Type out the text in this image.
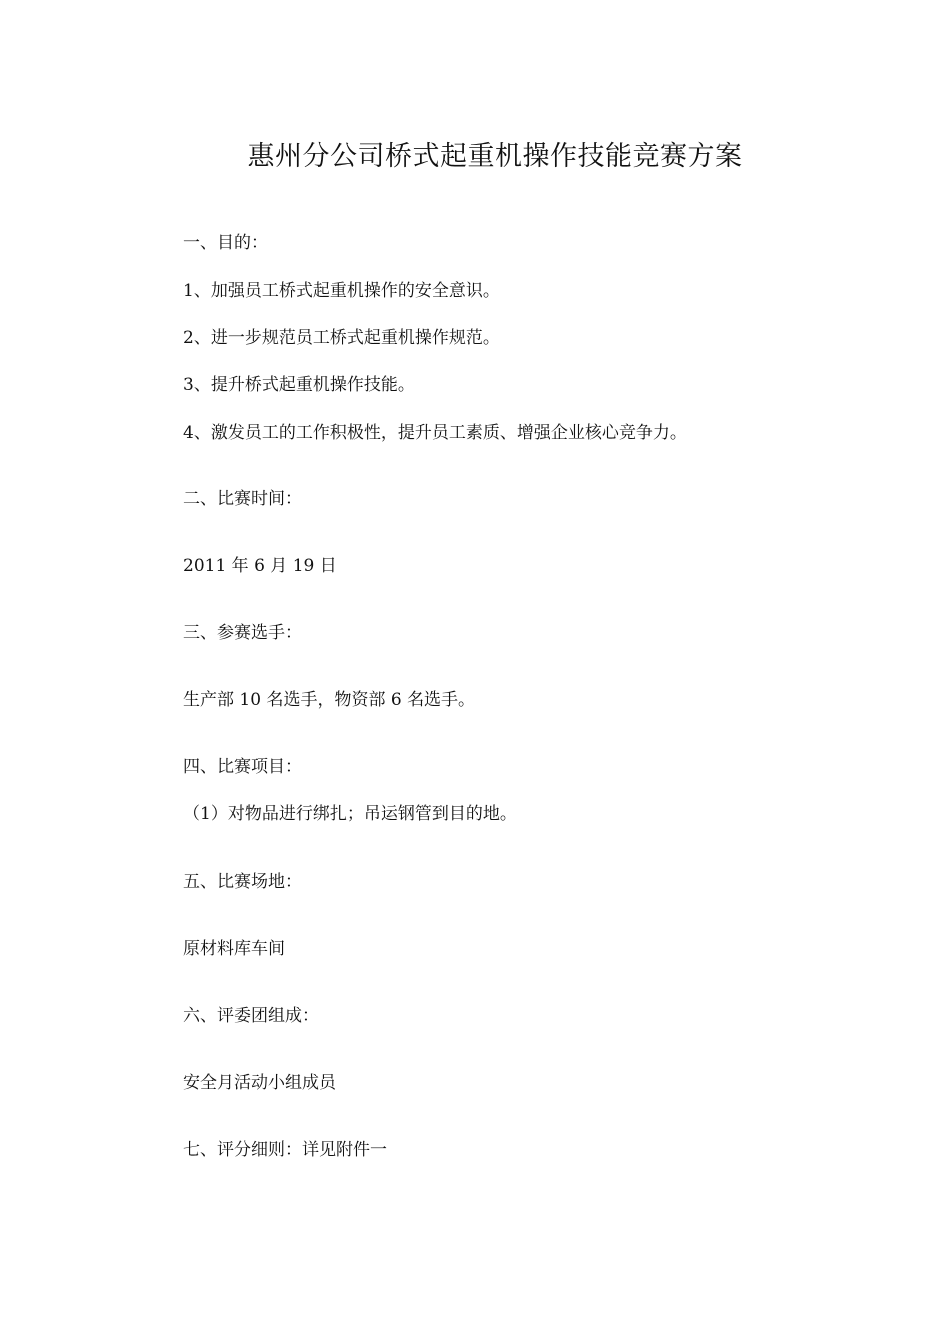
惠州分公司桥式起重机操作技能竞赛方案
一、目的：
1、加强员工桥式起重机操作的安全意识。
2、进一步规范员工桥式起重机操作规范。
3、提升桥式起重机操作技能。
4、激发员工的工作积极性，提升员工素质、增强企业核心竞争力。
二、比赛时间：
2011 年 6 月 19 日
三、参赛选手：
生产部 10 名选手，物资部 6 名选手。
四、比赛项目：
（1）对物品进行绑扎；吊运钢管到目的地。
五、比赛场地：
原材料库车间
六、评委团组成：
安全月活动小组成员
七、评分细则：详见附件一
